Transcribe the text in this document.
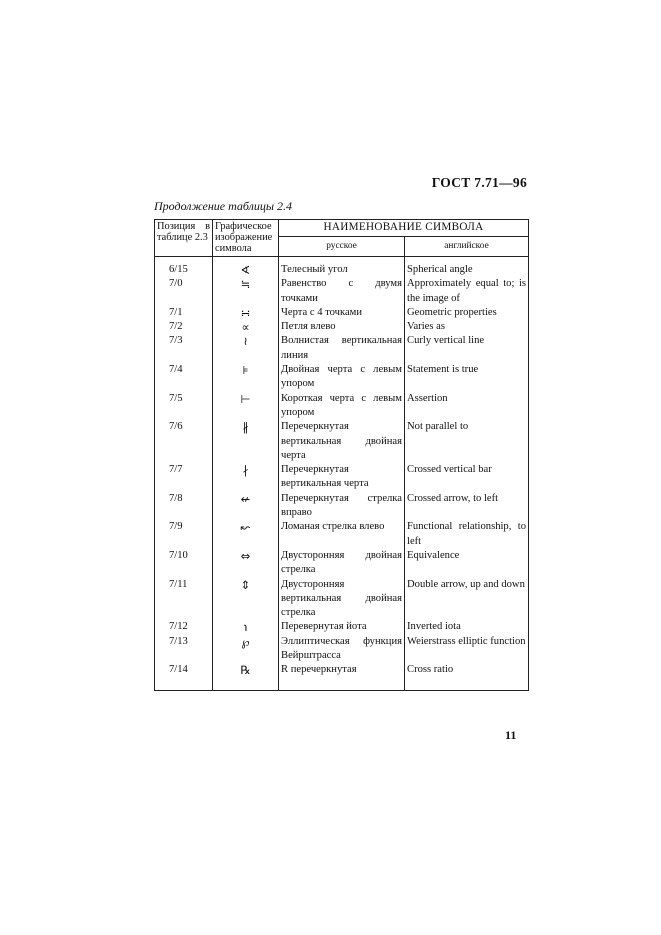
ГОСТ 7.71—96
Продолжение таблицы 2.4
Позиция в таблице 2.3	Графическое изображение символа	НАИМЕНОВАНИЕ СИМВОЛА	
		русское	английское
6/15	∢	Телесный угол	Spherical angle
7/0	≒	Равенство с двумя точками	Approximately equal to; is the image of
7/1	∺	Черта с 4 точками	Geometric properties
7/2	∝	Петля влево	Varies as
7/3	≀	Волнистая вертикальная линия	Curly vertical line
7/4	⊧	Двойная черта с левым упором	Statement is true
7/5	⊢	Короткая черта с левым упором	Assertion
7/6	∦	Перечеркнутая вертикальная двойная черта	Not parallel to
7/7	∤	Перечеркнутая вертикальная черта	Crossed vertical bar
7/8	↚	Перечеркнутая стрелка вправо	Crossed arrow, to left
7/9	↜	Ломаная стрелка влево	Functional relationship, to left
7/10	⇔	Двусторонняя двойная стрелка	Equivalence
7/11	⇕	Двусторонняя вертикальная двойная стрелка	Double arrow, up and down
7/12	℩	Перевернутая йота	Inverted iota
7/13	℘	Эллиптическая функция Вейрштрасса	Weierstrass elliptic function
7/14	℞	R перечеркнутая	Cross ratio
11
